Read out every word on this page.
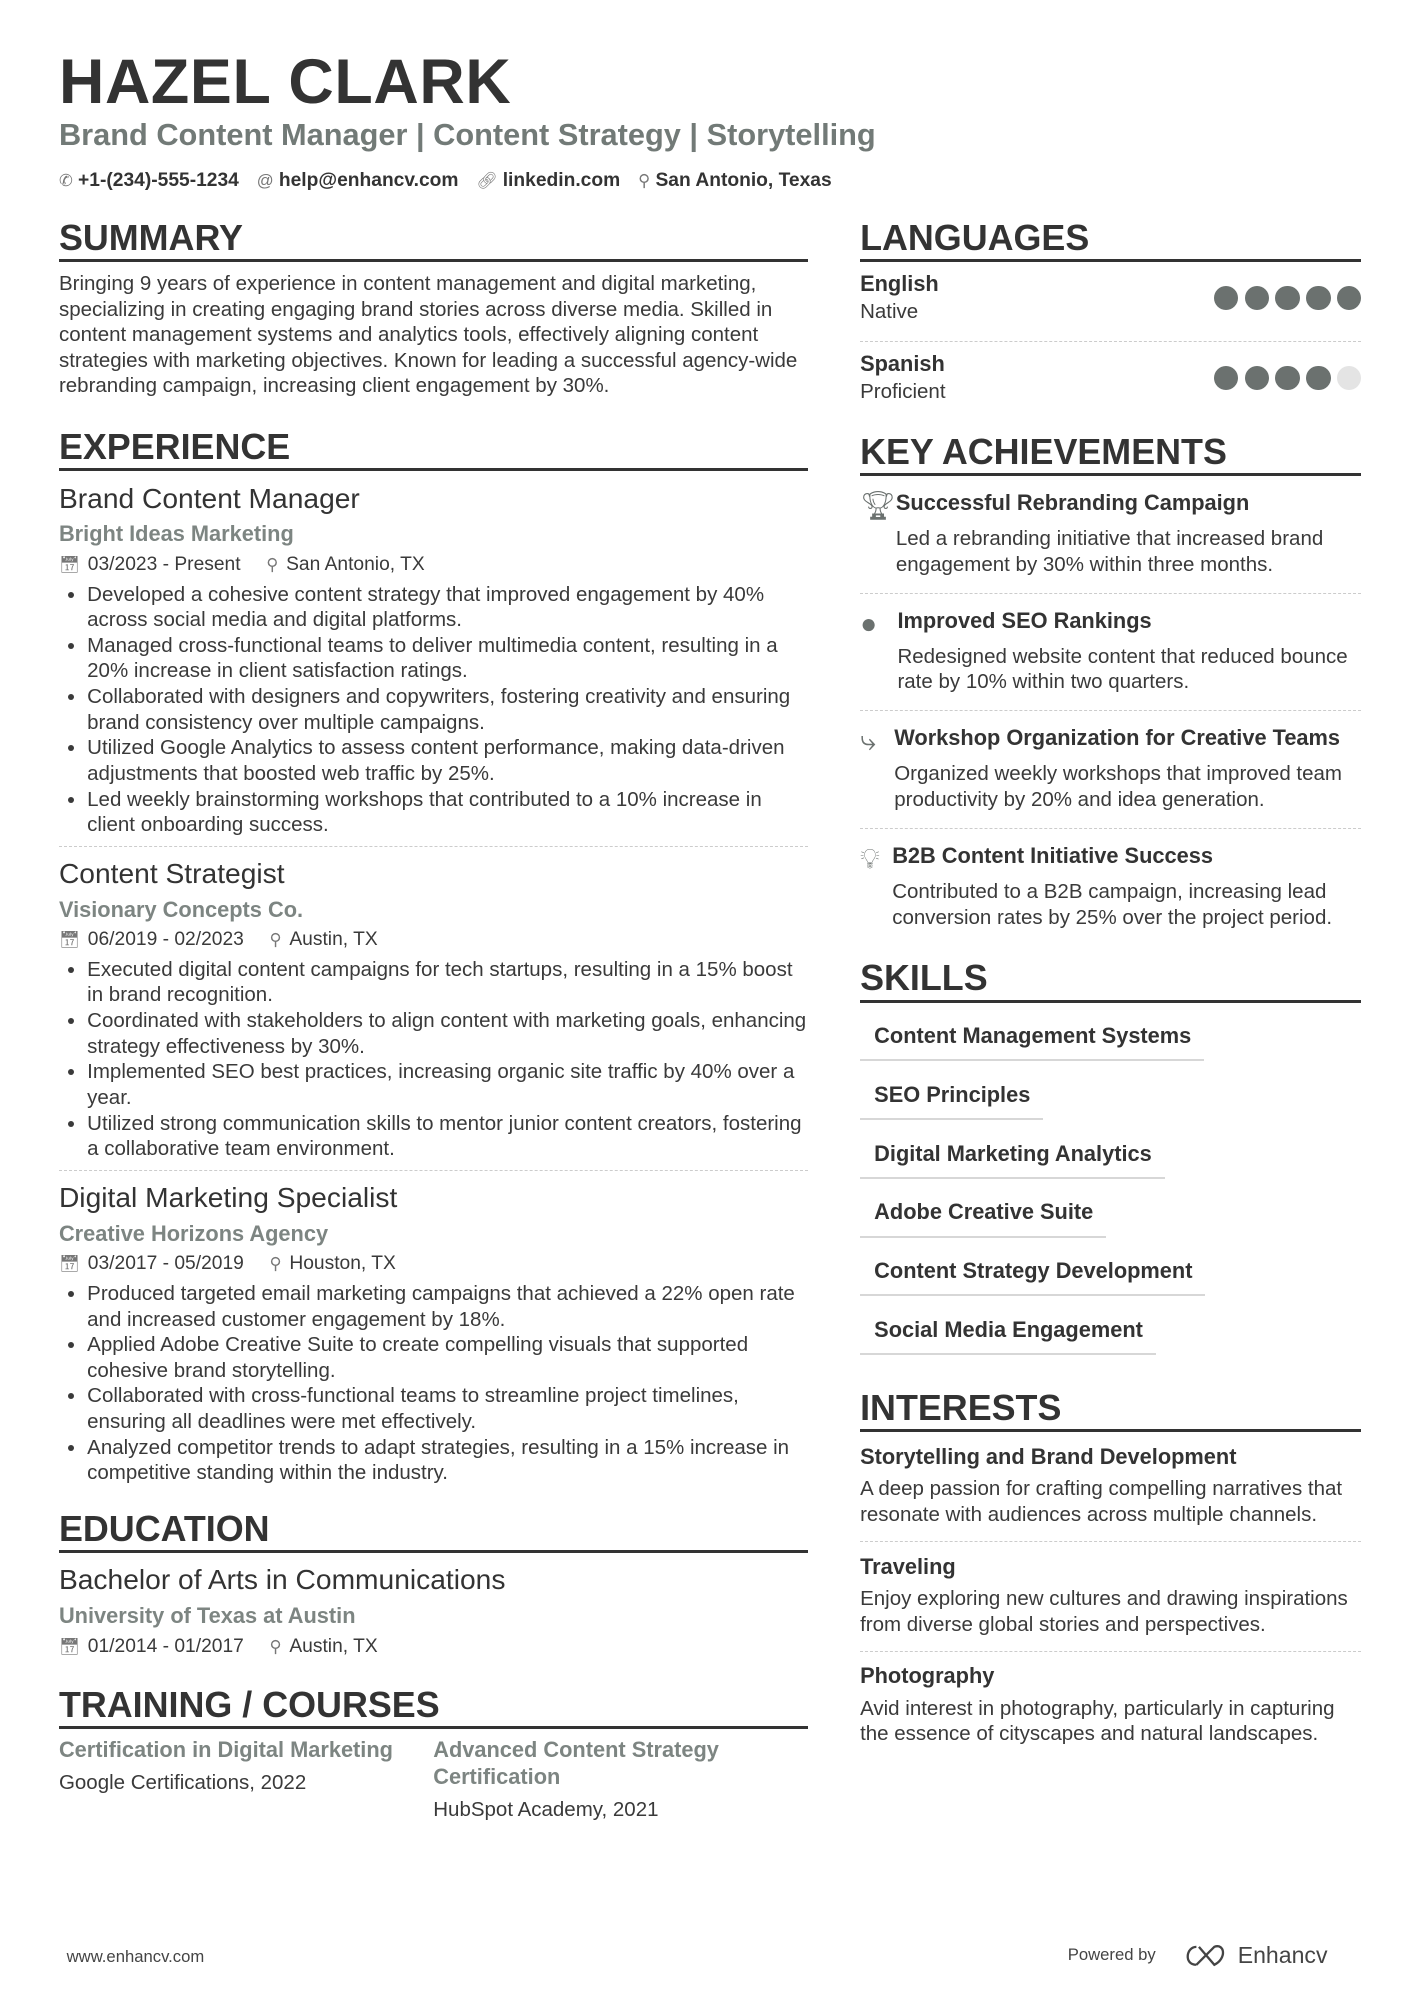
HAZEL CLARK
Brand Content Manager | Content Strategy | Storytelling
✆ +1-(234)-555-1234 @ help@enhancv.com 🔗︎ linkedin.com ⚲ San Antonio, Texas
SUMMARY
Bringing 9 years of experience in content management and digital marketing, specializing in creating engaging brand stories across diverse media. Skilled in content management systems and analytics tools, effectively aligning content strategies with marketing objectives. Known for leading a successful agency-wide rebranding campaign, increasing client engagement by 30%.
EXPERIENCE
Brand Content Manager
Bright Ideas Marketing
📅︎ 03/2023 - Present ⚲ San Antonio, TX
• Developed a cohesive content strategy that improved engagement by 40% across social media and digital platforms.
• Managed cross-functional teams to deliver multimedia content, resulting in a 20% increase in client satisfaction ratings.
• Collaborated with designers and copywriters, fostering creativity and ensuring brand consistency over multiple campaigns.
• Utilized Google Analytics to assess content performance, making data-driven adjustments that boosted web traffic by 25%.
• Led weekly brainstorming workshops that contributed to a 10% increase in client onboarding success.
Content Strategist
Visionary Concepts Co.
📅︎ 06/2019 - 02/2023 ⚲ Austin, TX
• Executed digital content campaigns for tech startups, resulting in a 15% boost in brand recognition.
• Coordinated with stakeholders to align content with marketing goals, enhancing strategy effectiveness by 30%.
• Implemented SEO best practices, increasing organic site traffic by 40% over a year.
• Utilized strong communication skills to mentor junior content creators, fostering a collaborative team environment.
Digital Marketing Specialist
Creative Horizons Agency
📅︎ 03/2017 - 05/2019 ⚲ Houston, TX
• Produced targeted email marketing campaigns that achieved a 22% open rate and increased customer engagement by 18%.
• Applied Adobe Creative Suite to create compelling visuals that supported cohesive brand storytelling.
• Collaborated with cross-functional teams to streamline project timelines, ensuring all deadlines were met effectively.
• Analyzed competitor trends to adapt strategies, resulting in a 15% increase in competitive standing within the industry.
EDUCATION
Bachelor of Arts in Communications
University of Texas at Austin
📅︎ 01/2014 - 01/2017 ⚲ Austin, TX
TRAINING / COURSES
Certification in Digital Marketing
Google Certifications, 2022
Advanced Content Strategy Certification
HubSpot Academy, 2021
LANGUAGES
English
Native
Spanish
Proficient
KEY ACHIEVEMENTS
🏆︎ Successful Rebranding Campaign
Led a rebranding initiative that increased brand engagement by 30% within three months.
●	Improved SEO Rankings
Redesigned website content that reduced bounce rate by 10% within two quarters.
⤷	Workshop Organization for Creative Teams
Organized weekly workshops that improved team productivity by 20% and idea generation.
💡︎ B2B Content Initiative Success
Contributed to a B2B campaign, increasing lead conversion rates by 25% over the project period.
SKILLS
Content Management Systems
SEO Principles
Digital Marketing Analytics
Adobe Creative Suite
Content Strategy Development
Social Media Engagement
INTERESTS
Storytelling and Brand Development
A deep passion for crafting compelling narratives that resonate with audiences across multiple channels.
Traveling
Enjoy exploring new cultures and drawing inspirations from diverse global stories and perspectives.
Photography
Avid interest in photography, particularly in capturing the essence of cityscapes and natural landscapes.
www.enhancv.com	Powered by	Enhancv
